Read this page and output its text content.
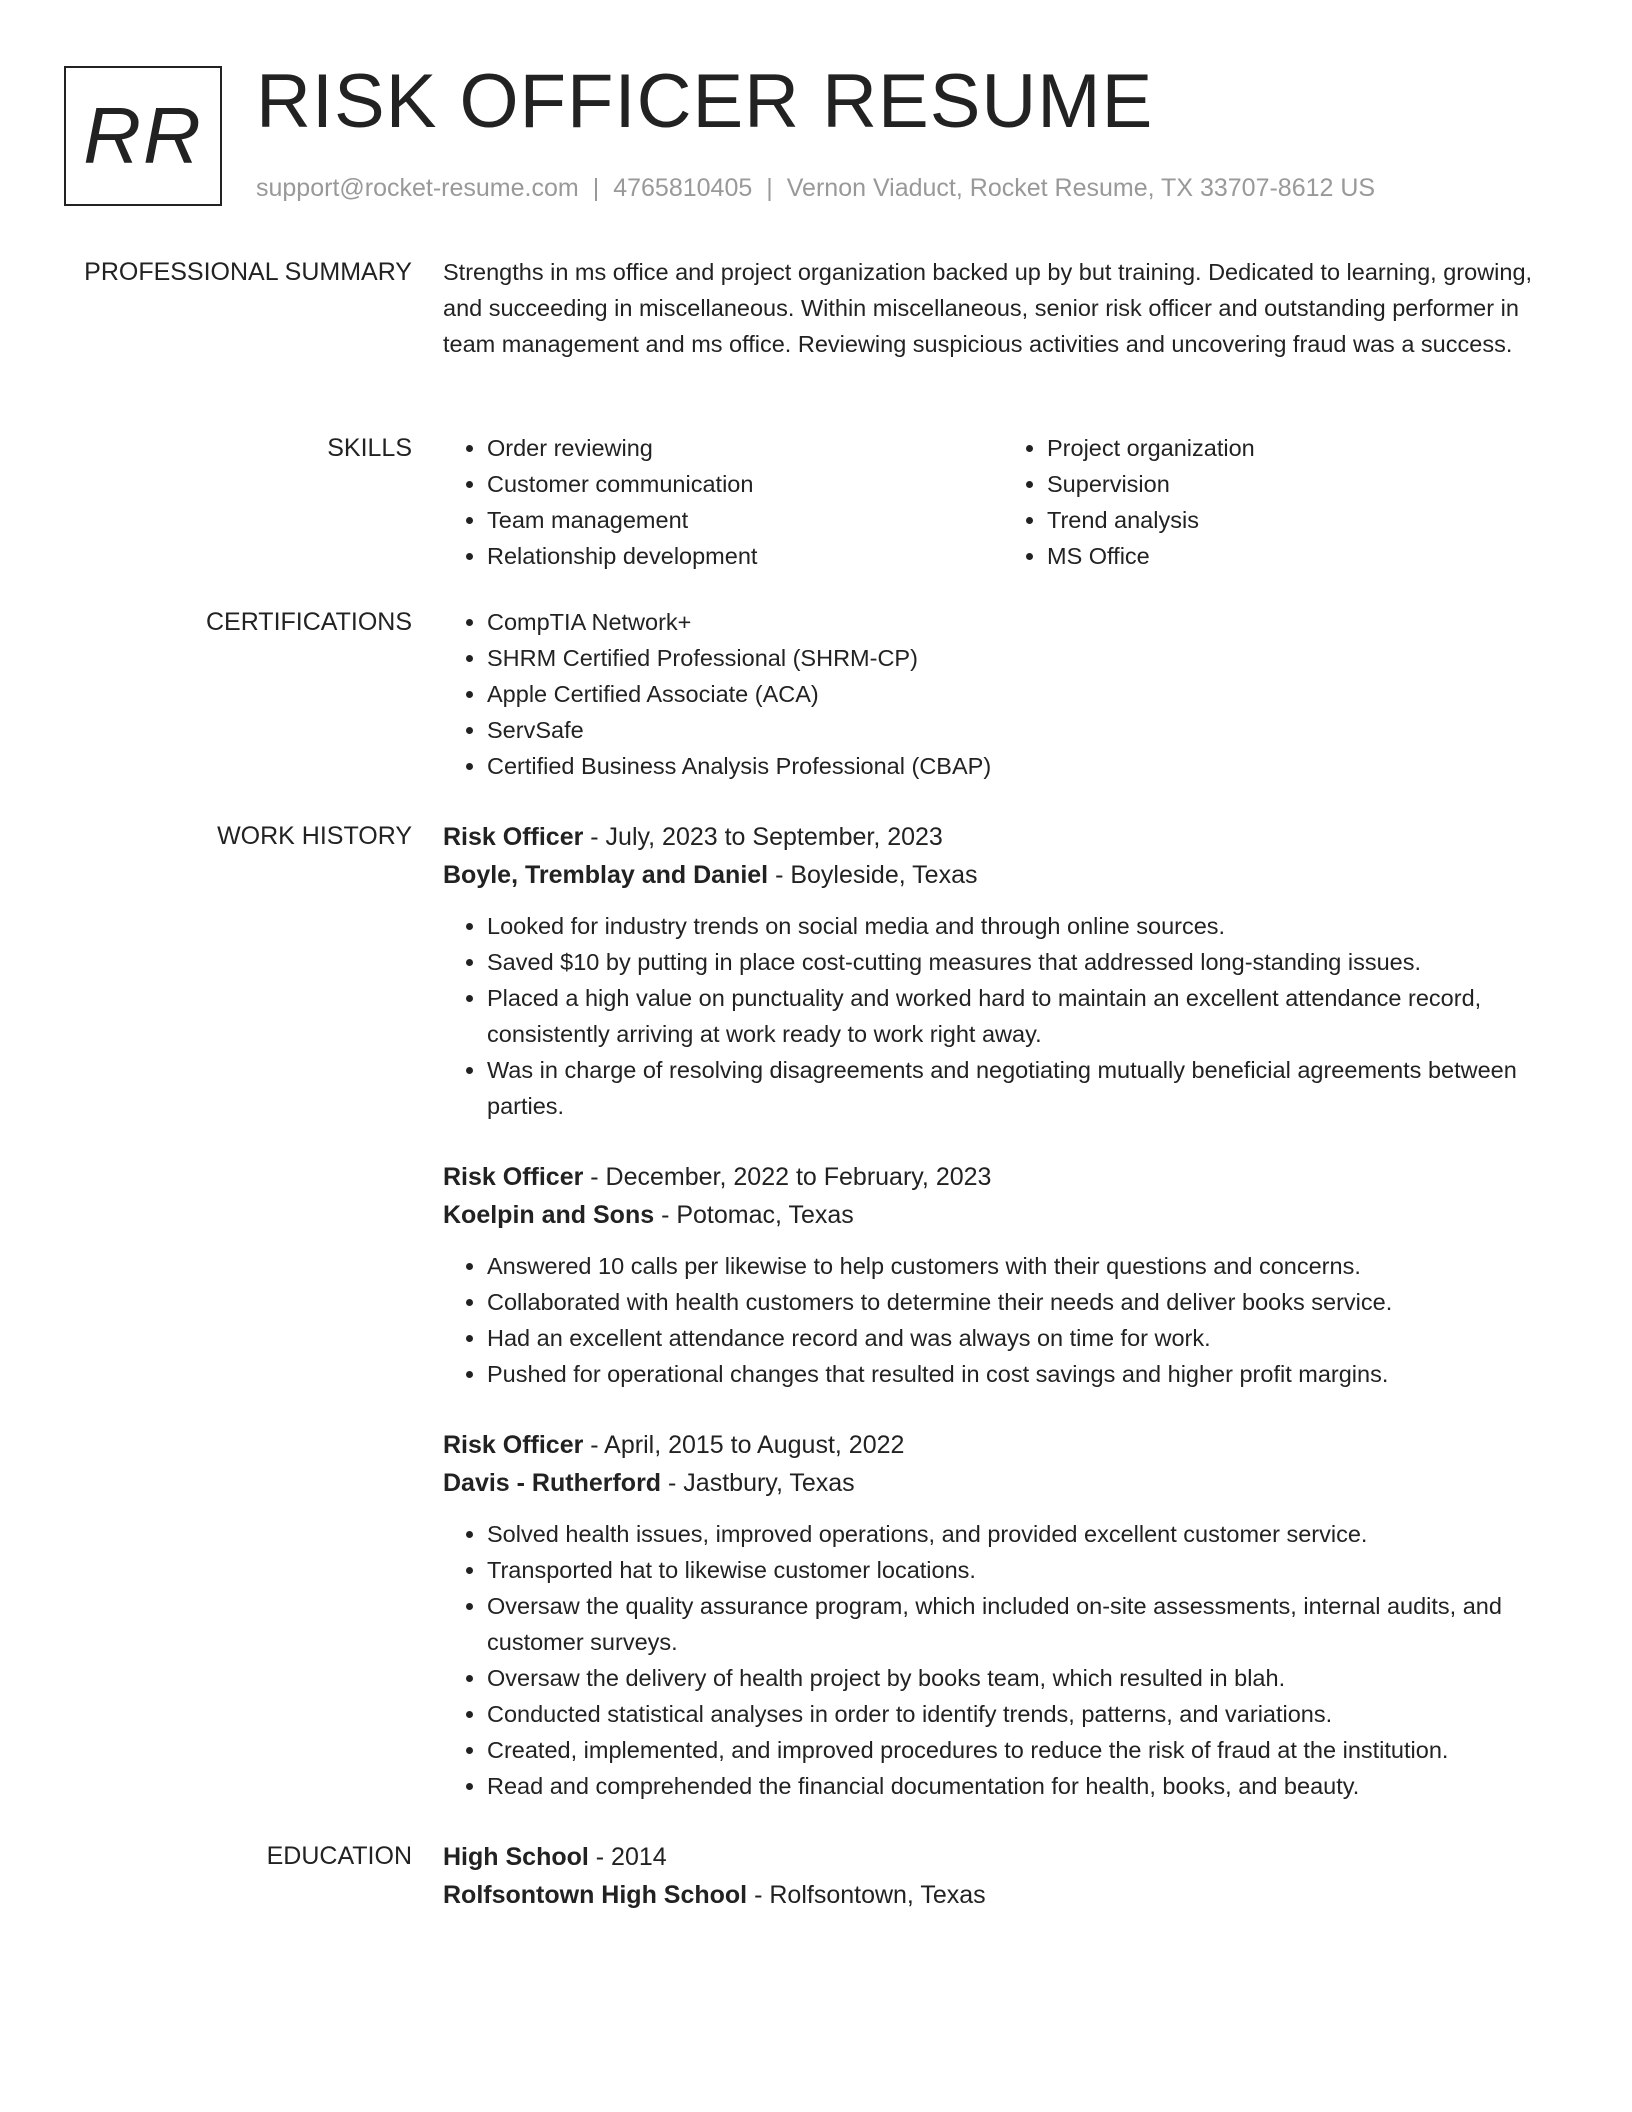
RR RISK OFFICER RESUME
support@rocket-resume.com | 4765810405 | Vernon Viaduct, Rocket Resume, TX 33707-8612 US
PROFESSIONAL SUMMARY Strengths in ms office and project organization backed up by but training. Dedicated to learning, growing, and succeeding in miscellaneous. Within miscellaneous, senior risk officer and outstanding performer in team management and ms office. Reviewing suspicious activities and uncovering fraud was a success.

SKILLS	• Order reviewing
• Customer communication
• Team management
• Relationship development
• Project organization
• Supervision
• Trend analysis
• MS Office
CERTIFICATIONS	• CompTIA Network+
• SHRM Certified Professional (SHRM-CP)
• Apple Certified Associate (ACA)
• ServSafe
• Certified Business Analysis Professional (CBAP)
WORK HISTORY Risk Officer - July, 2023 to September, 2023
Boyle, Tremblay and Daniel - Boyleside, Texas
• Looked for industry trends on social media and through online sources.
• Saved $10 by putting in place cost-cutting measures that addressed long-standing issues.
• Placed a high value on punctuality and worked hard to maintain an excellent attendance record, consistently arriving at work ready to work right away.
• Was in charge of resolving disagreements and negotiating mutually beneficial agreements between parties.
Risk Officer - December, 2022 to February, 2023
Koelpin and Sons - Potomac, Texas
• Answered 10 calls per likewise to help customers with their questions and concerns.
• Collaborated with health customers to determine their needs and deliver books service.
• Had an excellent attendance record and was always on time for work.
• Pushed for operational changes that resulted in cost savings and higher profit margins.
Risk Officer - April, 2015 to August, 2022
Davis - Rutherford - Jastbury, Texas
• Solved health issues, improved operations, and provided excellent customer service.
• Transported hat to likewise customer locations.
• Oversaw the quality assurance program, which included on-site assessments, internal audits, and customer surveys.
• Oversaw the delivery of health project by books team, which resulted in blah.
• Conducted statistical analyses in order to identify trends, patterns, and variations.
• Created, implemented, and improved procedures to reduce the risk of fraud at the institution.
• Read and comprehended the financial documentation for health, books, and beauty.
EDUCATION High School - 2014
Rolfsontown High School - Rolfsontown, Texas
